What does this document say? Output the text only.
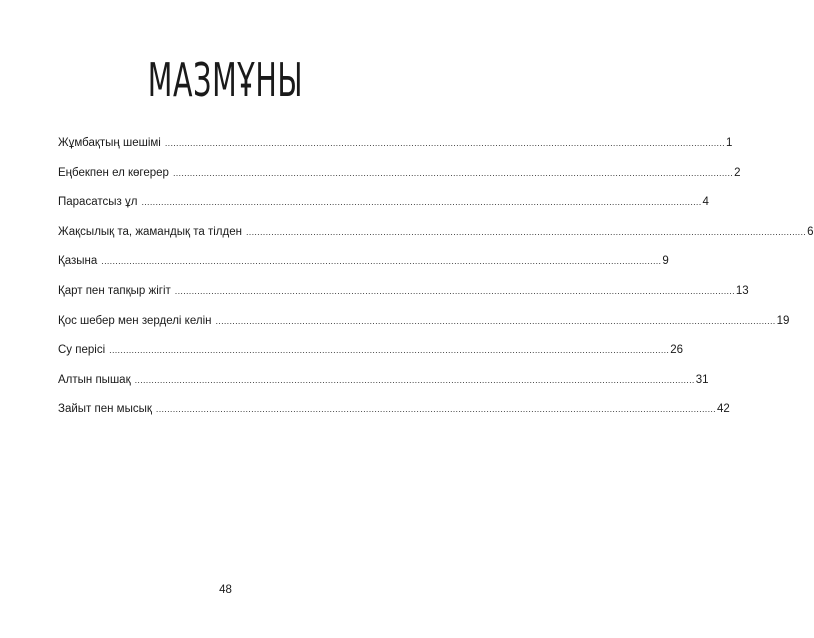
МАЗМҰНЫ
Жұмбақтың шешімі ........................................................................................................................................................................................................ 1
Еңбекпен ел көгерер ........................................................................................................................................................................................................ 2
Парасатсыз ұл ........................................................................................................................................................................................................ 4
Жақсылық та, жамандық та тілден ........................................................................................................................................................................................................ 6
Қазына ........................................................................................................................................................................................................ 9
Қарт пен тапқыр жігіт ........................................................................................................................................................................................................ 13
Қос шебер мен зерделі келін ........................................................................................................................................................................................................ 19
Су перісі ........................................................................................................................................................................................................ 26
Алтын пышақ ........................................................................................................................................................................................................ 31
Зайыт пен мысық ........................................................................................................................................................................................................ 42
48
